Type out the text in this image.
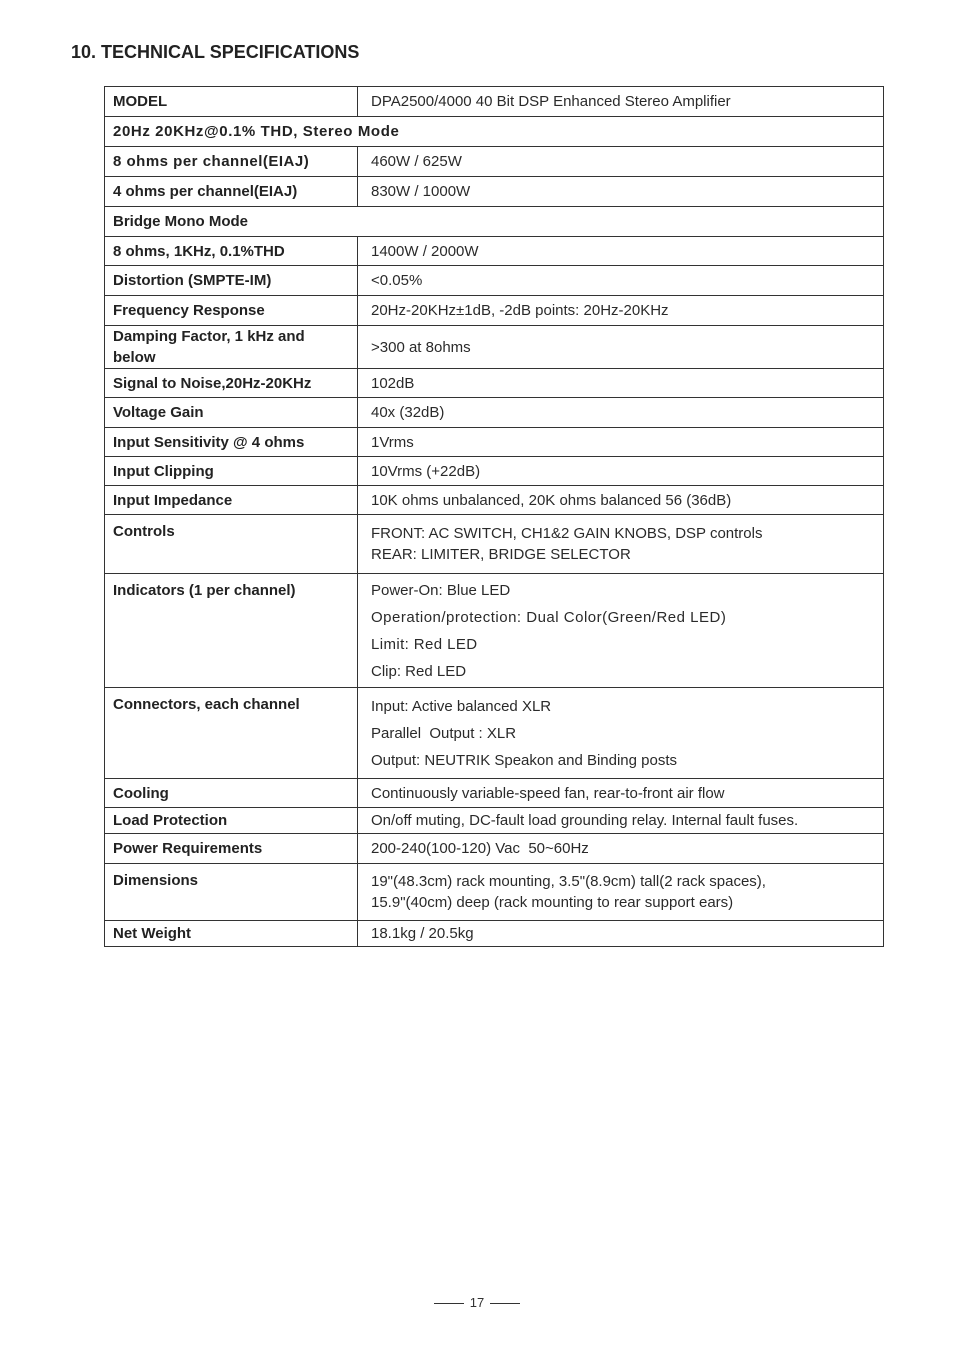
10. TECHNICAL SPECIFICATIONS
MODEL	DPA2500/4000 40 Bit DSP Enhanced Stereo Amplifier
20Hz 20KHz@0.1% THD, Stereo Mode	
8 ohms per channel(EIAJ)	460W / 625W
4 ohms per channel(EIAJ)	830W / 1000W
Bridge Mono Mode	
8 ohms, 1KHz, 0.1%THD	1400W / 2000W
Distortion (SMPTE-IM)	<0.05%
Frequency Response	20Hz-20KHz±1dB, -2dB points: 20Hz-20KHz
Damping Factor, 1 kHz and below	>300 at 8ohms
Signal to Noise,20Hz-20KHz	102dB
Voltage Gain	40x (32dB)
Input Sensitivity @ 4 ohms	1Vrms
Input Clipping	10Vrms (+22dB)
Input Impedance	10K ohms unbalanced, 20K ohms balanced 56 (36dB)
Controls	FRONT: AC SWITCH, CH1&2 GAIN KNOBS, DSP controls
REAR: LIMITER, BRIDGE SELECTOR

Indicators (1 per channel)	Power-On: Blue LED
Operation/protection: Dual Color(Green/Red LED)
Limit: Red LED
Clip: Red LED

Connectors, each channel	Input: Active balanced XLR
Parallel  Output : XLR
Output: NEUTRIK Speakon and Binding posts

Cooling	Continuously variable-speed fan, rear-to-front air flow
Load Protection	On/off muting, DC-fault load grounding relay. Internal fault fuses.
Power Requirements	200-240(100-120) Vac  50~60Hz
Dimensions	19"(48.3cm) rack mounting, 3.5"(8.9cm) tall(2 rack spaces),
15.9"(40cm) deep (rack mounting to rear support ears)

Net Weight	18.1kg / 20.5kg
17
